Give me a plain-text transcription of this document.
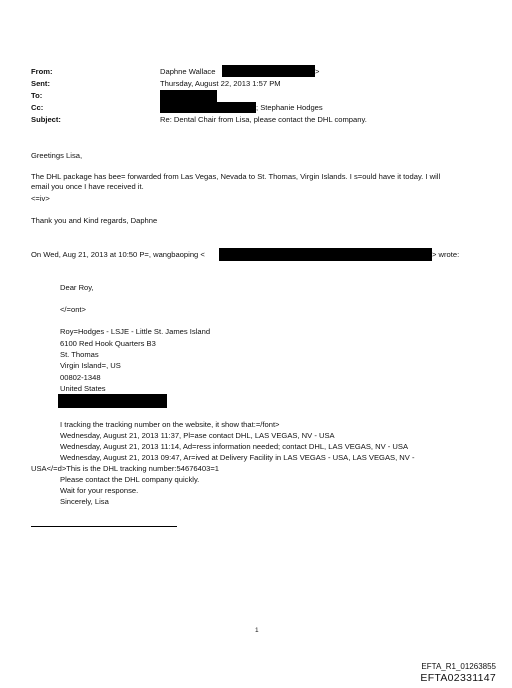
From:	Daphne Wallace	>
Sent:	Thursday, August 22, 2013 1:57 PM
To:
Cc:	; Stephanie Hodges
Subject:	Re: Dental Chair from Lisa, please contact the DHL company.
Greetings Lisa,
The DHL package has bee= forwarded from Las Vegas, Nevada to St. Thomas, Virgin Islands. I s=ould have it today. I will
email you once I have received it.
<=iv>
Thank you and Kind regards, Daphne
On Wed, Aug 21, 2013 at 10:50 P=, wangbaoping <	> wrote:
Dear Roy,
</=ont>
Roy=Hodges - LSJE - Little St. James Island
6100 Red Hook Quarters B3
St. Thomas
Virgin Island=, US
00802-1348
United States
I tracking the tracking number on the website, it show that:=/font>
Wednesday, August 21, 2013 11:37, Pl=ase contact DHL, LAS VEGAS, NV - USA
Wednesday, August 21, 2013 11:14, Ad=ress information needed; contact DHL, LAS VEGAS, NV - USA
Wednesday, August 21, 2013 09:47, Ar=ived at Delivery Facility in LAS VEGAS - USA, LAS VEGAS, NV -
USA</=d>This is the DHL tracking number:54676403=1
Please contact the DHL company quickly.
Wait for your response.
Sincerely, Lisa
1
EFTA_R1_01263855
EFTA02331147
